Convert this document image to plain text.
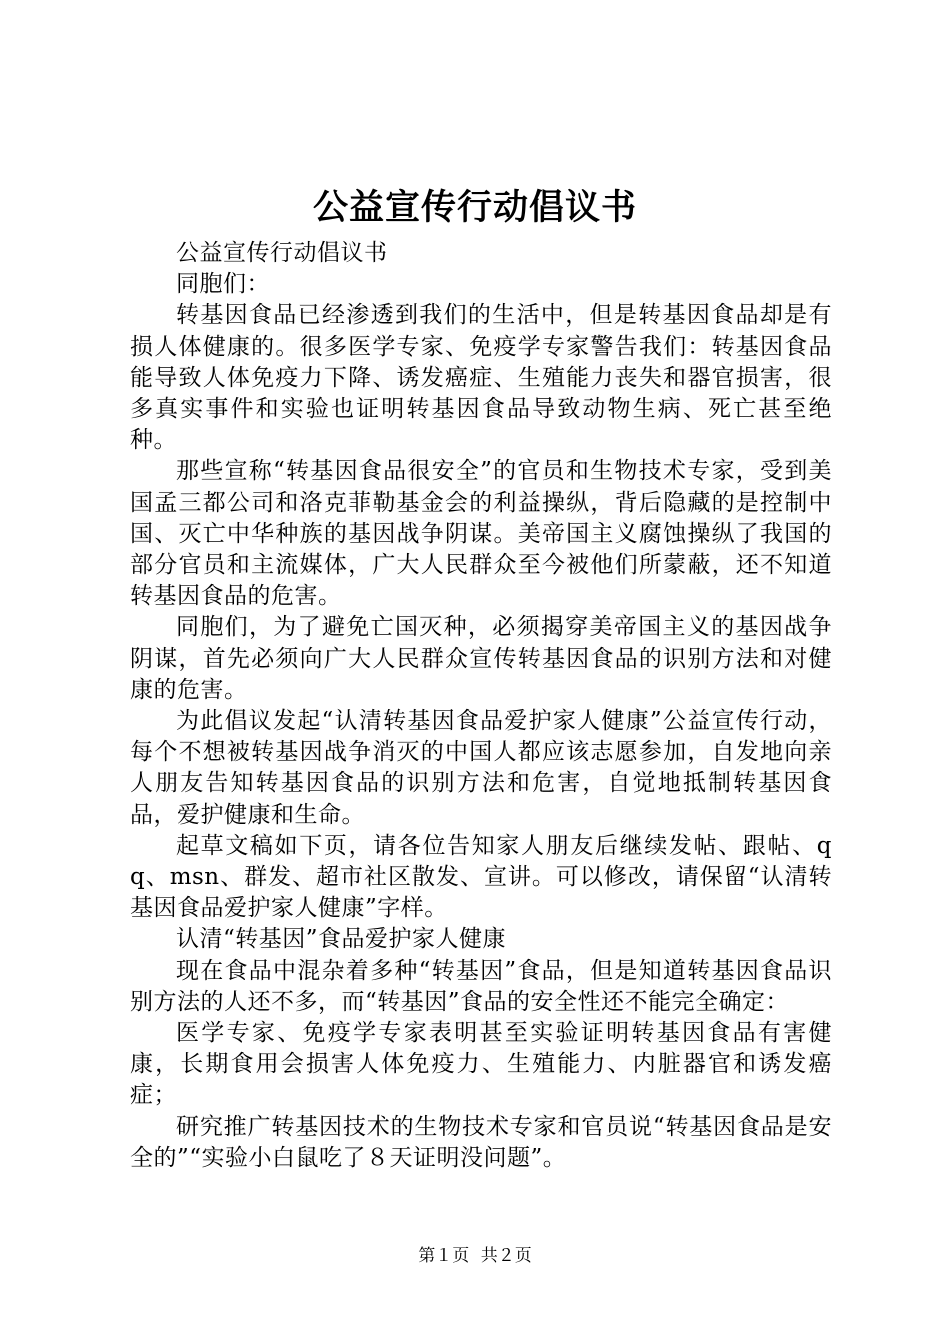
公益宣传行动倡议书

公益宣传行动倡议书

同胞们：

转基因食品已经渗透到我们的生活中，但是转基因食品却是有损人体健康的。很多医学专家、免疫学专家警告我们：转基因食品能导致人体免疫力下降、诱发癌症、生殖能力丧失和器官损害，很多真实事件和实验也证明转基因食品导致动物生病、死亡甚至绝种。

那些宣称“转基因食品很安全”的官员和生物技术专家，受到美国孟三都公司和洛克菲勒基金会的利益操纵，背后隐藏的是控制中国、灭亡中华种族的基因战争阴谋。美帝国主义腐蚀操纵了我国的部分官员和主流媒体，广大人民群众至今被他们所蒙蔽，还不知道转基因食品的危害。

同胞们，为了避免亡国灭种，必须揭穿美帝国主义的基因战争阴谋，首先必须向广大人民群众宣传转基因食品的识别方法和对健康的危害。

为此倡议发起“认清转基因食品爱护家人健康”公益宣传行动，每个不想被转基因战争消灭的中国人都应该志愿参加，自发地向亲人朋友告知转基因食品的识别方法和危害，自觉地抵制转基因食品，爱护健康和生命。

起草文稿如下页，请各位告知家人朋友后继续发帖、跟帖、qq、msn、群发、超市社区散发、宣讲。可以修改，请保留“认清转基因食品爱护家人健康”字样。

认清“转基因”食品爱护家人健康

现在食品中混杂着多种“转基因”食品，但是知道转基因食品识别方法的人还不多，而“转基因”食品的安全性还不能完全确定：

医学专家、免疫学专家表明甚至实验证明转基因食品有害健康，长期食用会损害人体免疫力、生殖能力、内脏器官和诱发癌症；

研究推广转基因技术的生物技术专家和官员说“转基因食品是安全的”“实验小白鼠吃了８天证明没问题”。

第１页 共２页
